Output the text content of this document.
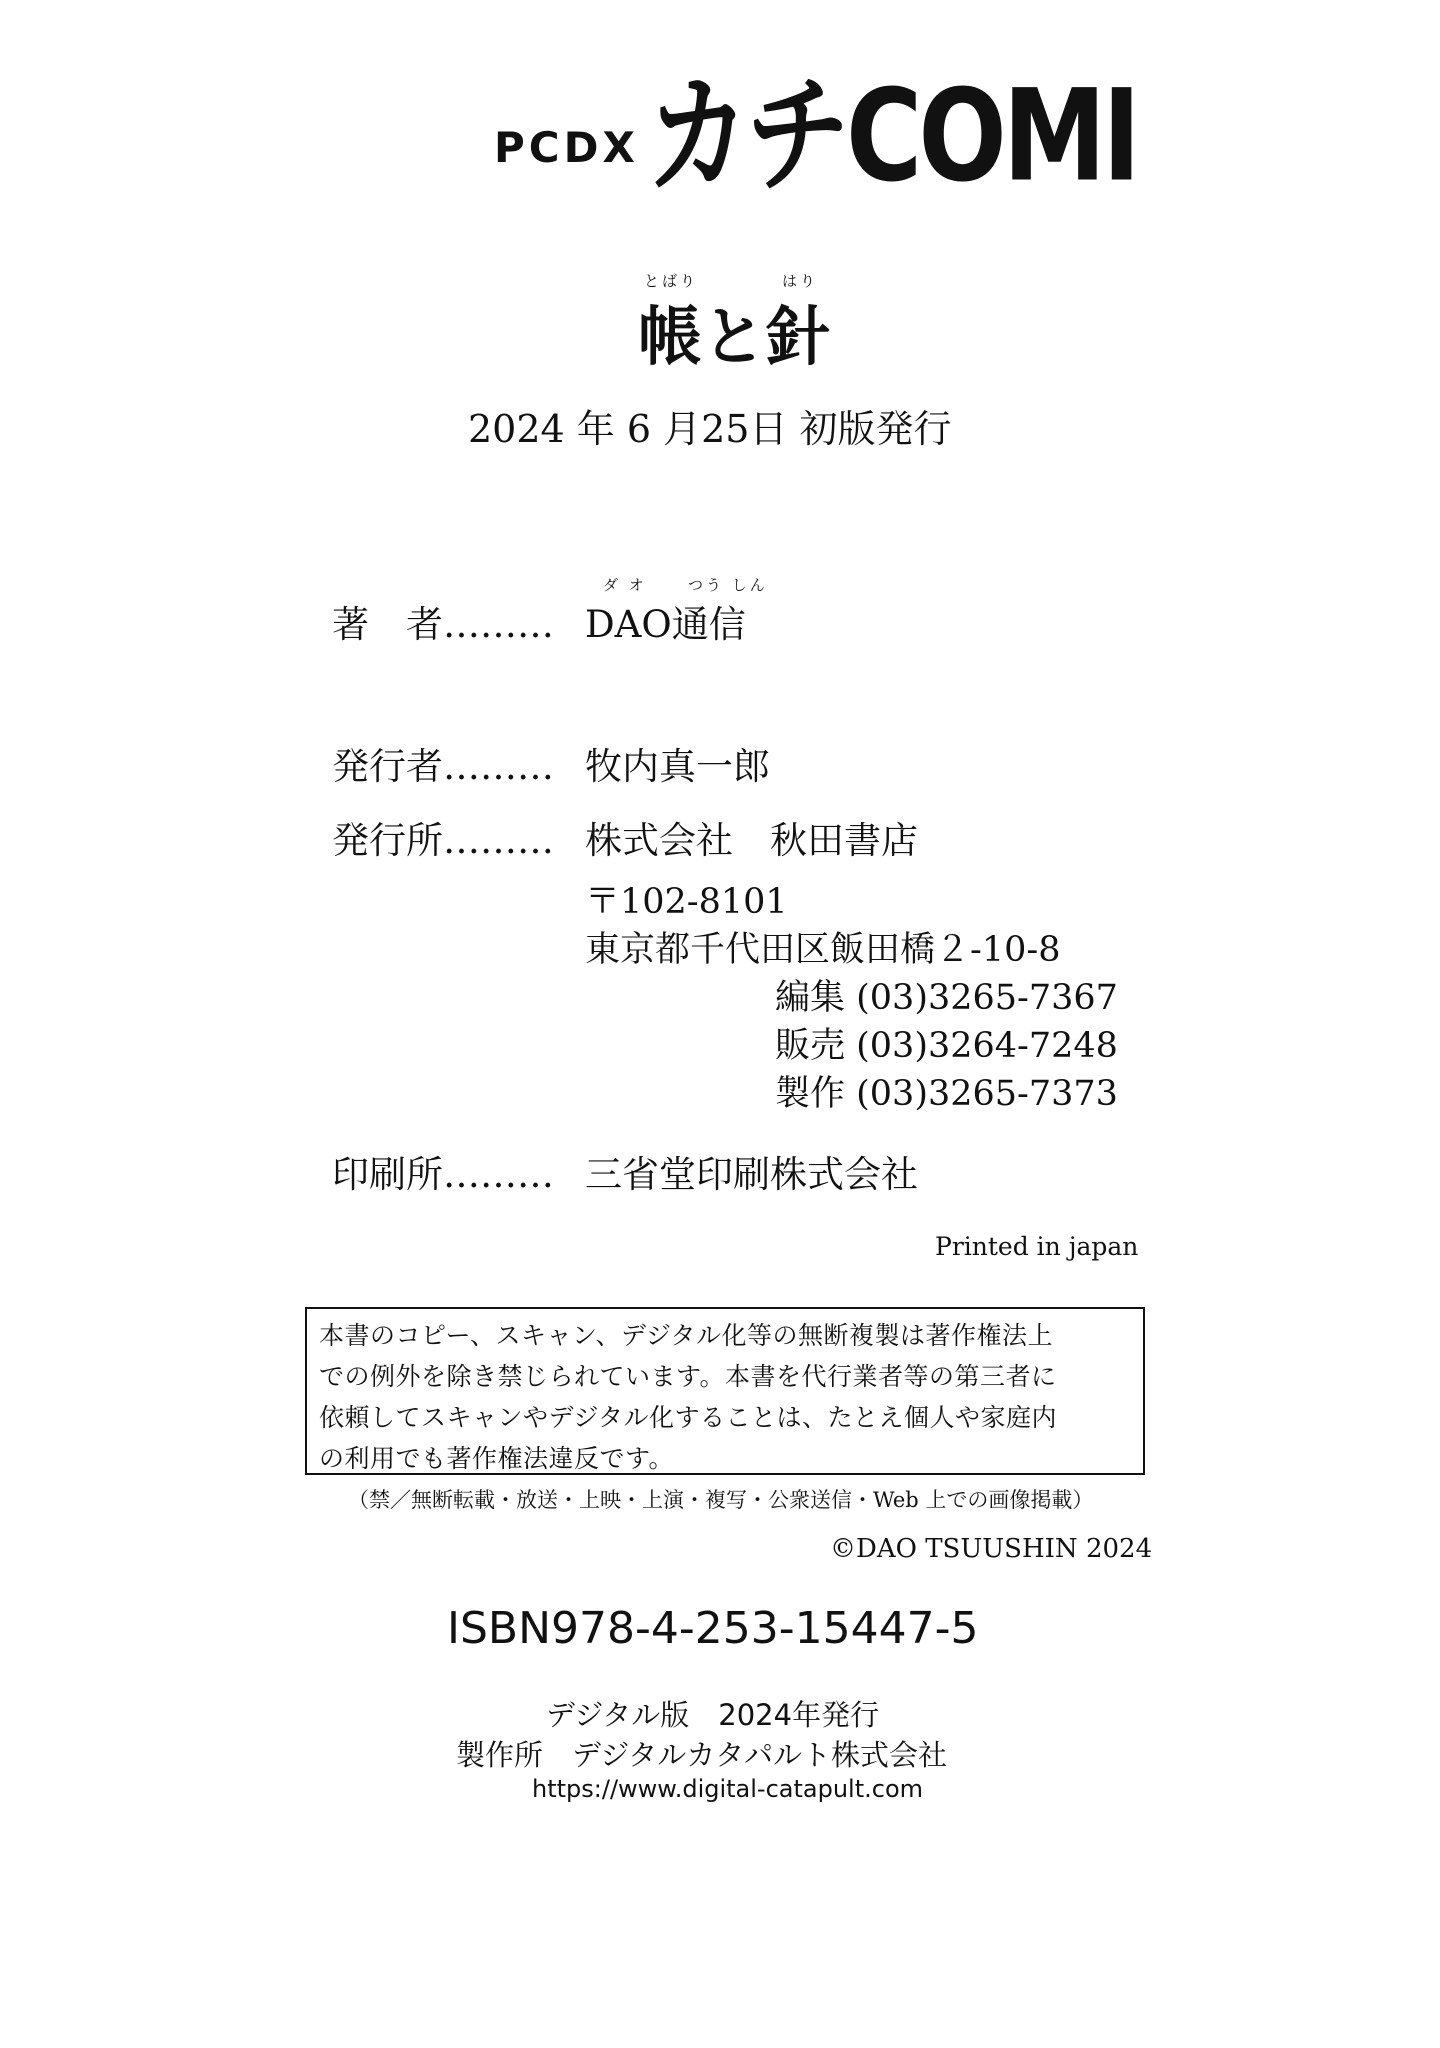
PCDX カチCOMI
とばり	はり
帳と針
2024 年 6 月25日 初版発行
ダ オ	つう しん
著　者……… DAO通信
発行者……… 牧内真一郎
発行所……… 株式会社　秋田書店
〒102-8101
東京都千代田区飯田橋２-10-8
編集 (03)3265-7367
販売 (03)3264-7248
製作 (03)3265-7373
印刷所……… 三省堂印刷株式会社
Printed in japan
本書のコピー、スキャン、デジタル化等の無断複製は著作権法上
での例外を除き禁じられています。本書を代行業者等の第三者に
依頼してスキャンやデジタル化することは、たとえ個人や家庭内
の利用でも著作権法違反です。
（禁／無断転載・放送・上映・上演・複写・公衆送信・Web 上での画像掲載）
©DAO TSUUSHIN 2024
ISBN978-4-253-15447-5
デジタル版　2024年発行
製作所　デジタルカタパルト株式会社
https://www.digital-catapult.com
